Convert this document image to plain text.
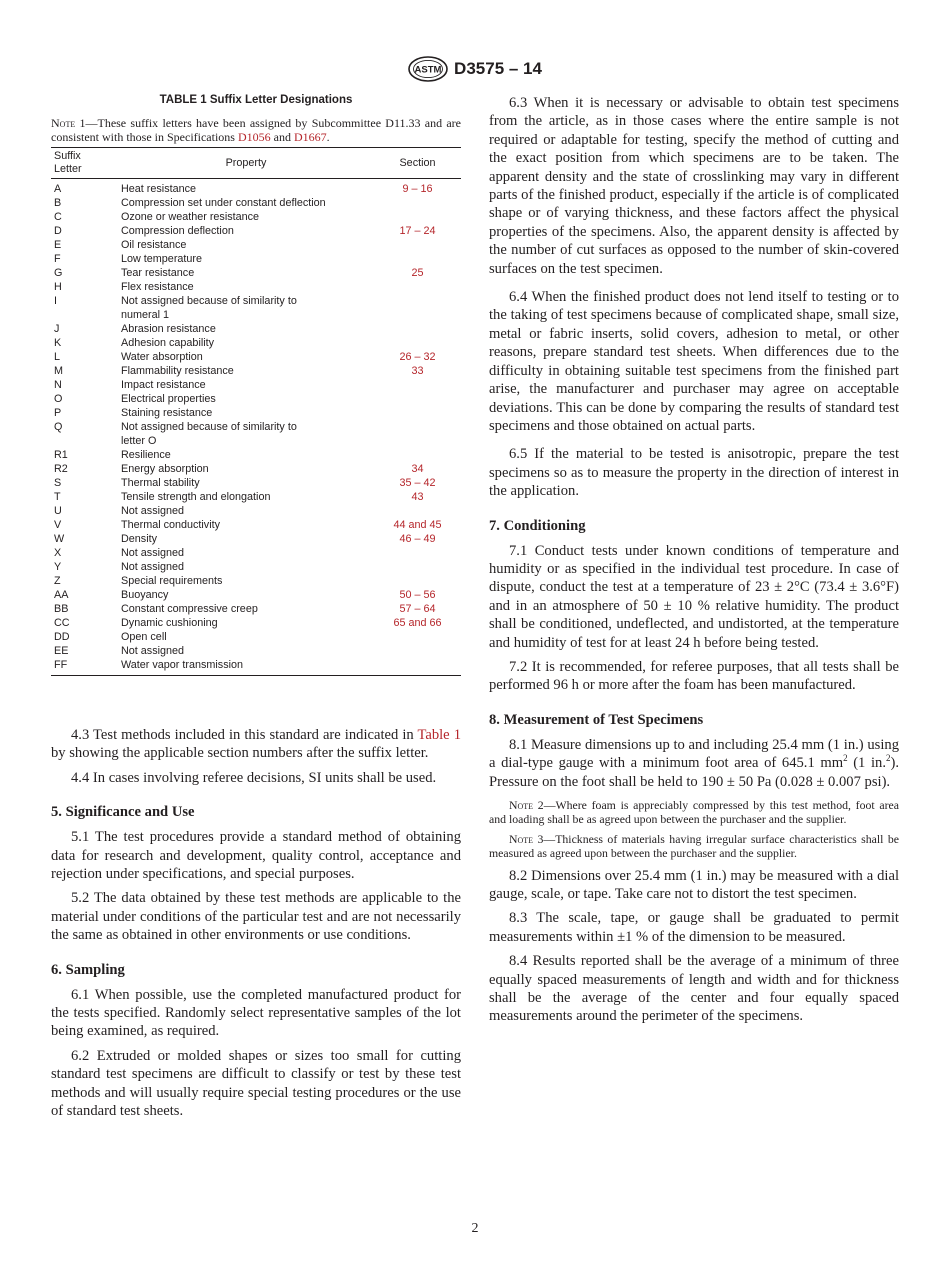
ASTM D3575 – 14
TABLE 1 Suffix Letter Designations

Note 1—These suffix letters have been assigned by Subcommittee D11.33 and are consistent with those in Specifications D1056 and D1667.

Suffix
Letter	Property	Section
A	Heat resistance	9 – 16
B	Compression set under constant deflection	
C	Ozone or weather resistance	
D	Compression deflection	17 – 24
E	Oil resistance	
F	Low temperature	
G	Tear resistance	25
H	Flex resistance	
I	Not assigned because of similarity to
numeral 1	
J	Abrasion resistance	
K	Adhesion capability	
L	Water absorption	26 – 32
M	Flammability resistance	33
N	Impact resistance	
O	Electrical properties	
P	Staining resistance	
Q	Not assigned because of similarity to
letter O	
R1	Resilience	
R2	Energy absorption	34
S	Thermal stability	35 – 42
T	Tensile strength and elongation	43
U	Not assigned	
V	Thermal conductivity	44 and 45
W	Density	46 – 49
X	Not assigned	
Y	Not assigned	
Z	Special requirements	
AA	Buoyancy	50 – 56
BB	Constant compressive creep	57 – 64
CC	Dynamic cushioning	65 and 66
DD	Open cell	
EE	Not assigned	
FF	Water vapor transmission	

4.3 Test methods included in this standard are indicated in Table 1 by showing the applicable section numbers after the suffix letter.

4.4 In cases involving referee decisions, SI units shall be used.

5. Significance and Use

5.1 The test procedures provide a standard method of obtaining data for research and development, quality control, acceptance and rejection under specifications, and special purposes.

5.2 The data obtained by these test methods are applicable to the material under conditions of the particular test and are not necessarily the same as obtained in other environments or use conditions.

6. Sampling

6.1 When possible, use the completed manufactured product for the tests specified. Randomly select representative samples of the lot being examined, as required.

6.2 Extruded or molded shapes or sizes too small for cutting standard test specimens are difficult to classify or test by these test methods and will usually require special testing procedures or the use of standard test sheets.

6.3 When it is necessary or advisable to obtain test specimens from the article, as in those cases where the entire sample is not required or adaptable for testing, specify the method of cutting and the exact position from which specimens are to be taken. The apparent density and the state of crosslinking may vary in different parts of the finished product, especially if the article is of complicated shape or of varying thickness, and these factors affect the physical properties of the specimens. Also, the apparent density is affected by the number of cut surfaces as opposed to the number of skin-covered surfaces on the test specimen.

6.4 When the finished product does not lend itself to testing or to the taking of test specimens because of complicated shape, small size, metal or fabric inserts, solid covers, adhesion to metal, or other reasons, prepare standard test sheets. When differences due to the difficulty in obtaining suitable test specimens from the finished part arise, the manufacturer and purchaser may agree on acceptable deviations. This can be done by comparing the results of standard test specimens and those obtained on actual parts.

6.5 If the material to be tested is anisotropic, prepare the test specimens so as to measure the property in the direction of interest in the application.

7. Conditioning

7.1 Conduct tests under known conditions of temperature and humidity or as specified in the individual test procedure. In case of dispute, conduct the test at a temperature of 23 ± 2°C (73.4 ± 3.6°F) and in an atmosphere of 50 ± 10 % relative humidity. The product shall be conditioned, undeflected, and undistorted, at the temperature and humidity of test for at least 24 h before being tested.

7.2 It is recommended, for referee purposes, that all tests shall be performed 96 h or more after the foam has been manufactured.

8. Measurement of Test Specimens

8.1 Measure dimensions up to and including 25.4 mm (1 in.) using a dial-type gauge with a minimum foot area of 645.1 $mm^2$ (1 in.$^2$). Pressure on the foot shall be held to 190 ± 50 Pa (0.028 ± 0.007 psi).

Note 2—Where foam is appreciably compressed by this test method, foot area and loading shall be as agreed upon between the purchaser and the supplier.

Note 3—Thickness of materials having irregular surface characteristics shall be measured as agreed upon between the purchaser and the supplier.

8.2 Dimensions over 25.4 mm (1 in.) may be measured with a dial gauge, scale, or tape. Take care not to distort the test specimen.

8.3 The scale, tape, or gauge shall be graduated to permit measurements within ±1 % of the dimension to be measured.

8.4 Results reported shall be the average of a minimum of three equally spaced measurements of length and width and for thickness shall be the average of the center and four equally spaced measurements around the perimeter of the specimens.

2
